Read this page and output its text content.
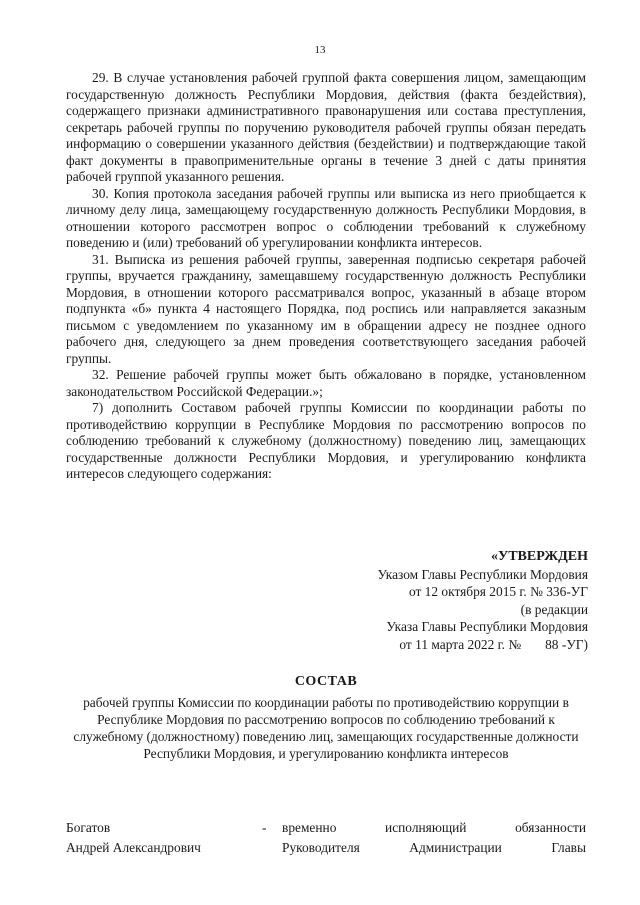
13

29. В случае установления рабочей группой факта совершения лицом, замещающим государственную должность Республики Мордовия, действия (факта бездействия), содержащего признаки административного правонарушения или состава преступления, секретарь рабочей группы по поручению руководителя рабочей группы обязан передать информацию о совершении указанного действия (бездействии) и подтверждающие такой факт документы в правоприменительные органы в течение 3 дней с даты принятия рабочей группой указанного решения.

30. Копия протокола заседания рабочей группы или выписка из него приобщается к личному делу лица, замещающему государственную должность Республики Мордовия, в отношении которого рассмотрен вопрос о соблюдении требований к служебному поведению и (или) требований об урегулировании конфликта интересов.

31. Выписка из решения рабочей группы, заверенная подписью секретаря рабочей группы, вручается гражданину, замещавшему государственную должность Республики Мордовия, в отношении которого рассматривался вопрос, указанный в абзаце втором подпункта «б» пункта 4 настоящего Порядка, под роспись или направляется заказным письмом с уведомлением по указанному им в обращении адресу не позднее одного рабочего дня, следующего за днем проведения соответствующего заседания рабочей группы.

32. Решение рабочей группы может быть обжаловано в порядке, установленном законодательством Российской Федерации.»;

7) дополнить Составом рабочей группы Комиссии по координации работы по противодействию коррупции в Республике Мордовия по рассмотрению вопросов по соблюдению требований к служебному (должностному) поведению лиц, замещающих государственные должности Республики Мордовия, и урегулированию конфликта интересов следующего содержания:

«УТВЕРЖДЕН
Указом Главы Республики Мордовия
от 12 октября 2015 г. № 336-УГ
(в редакции
Указа Главы Республики Мордовия
от 11 марта 2022 г. № 88 -УГ)
СОСТАВ
рабочей группы Комиссии по координации работы по противодействию коррупции в Республике Мордовия по рассмотрению вопросов по соблюдению требований к служебному (должностному) поведению лиц, замещающих государственные должности Республики Мордовия, и урегулированию конфликта интересов
Богатов
Андрей Александрович
-	временно исполняющий обязанности
Руководителя Администрации Главы
